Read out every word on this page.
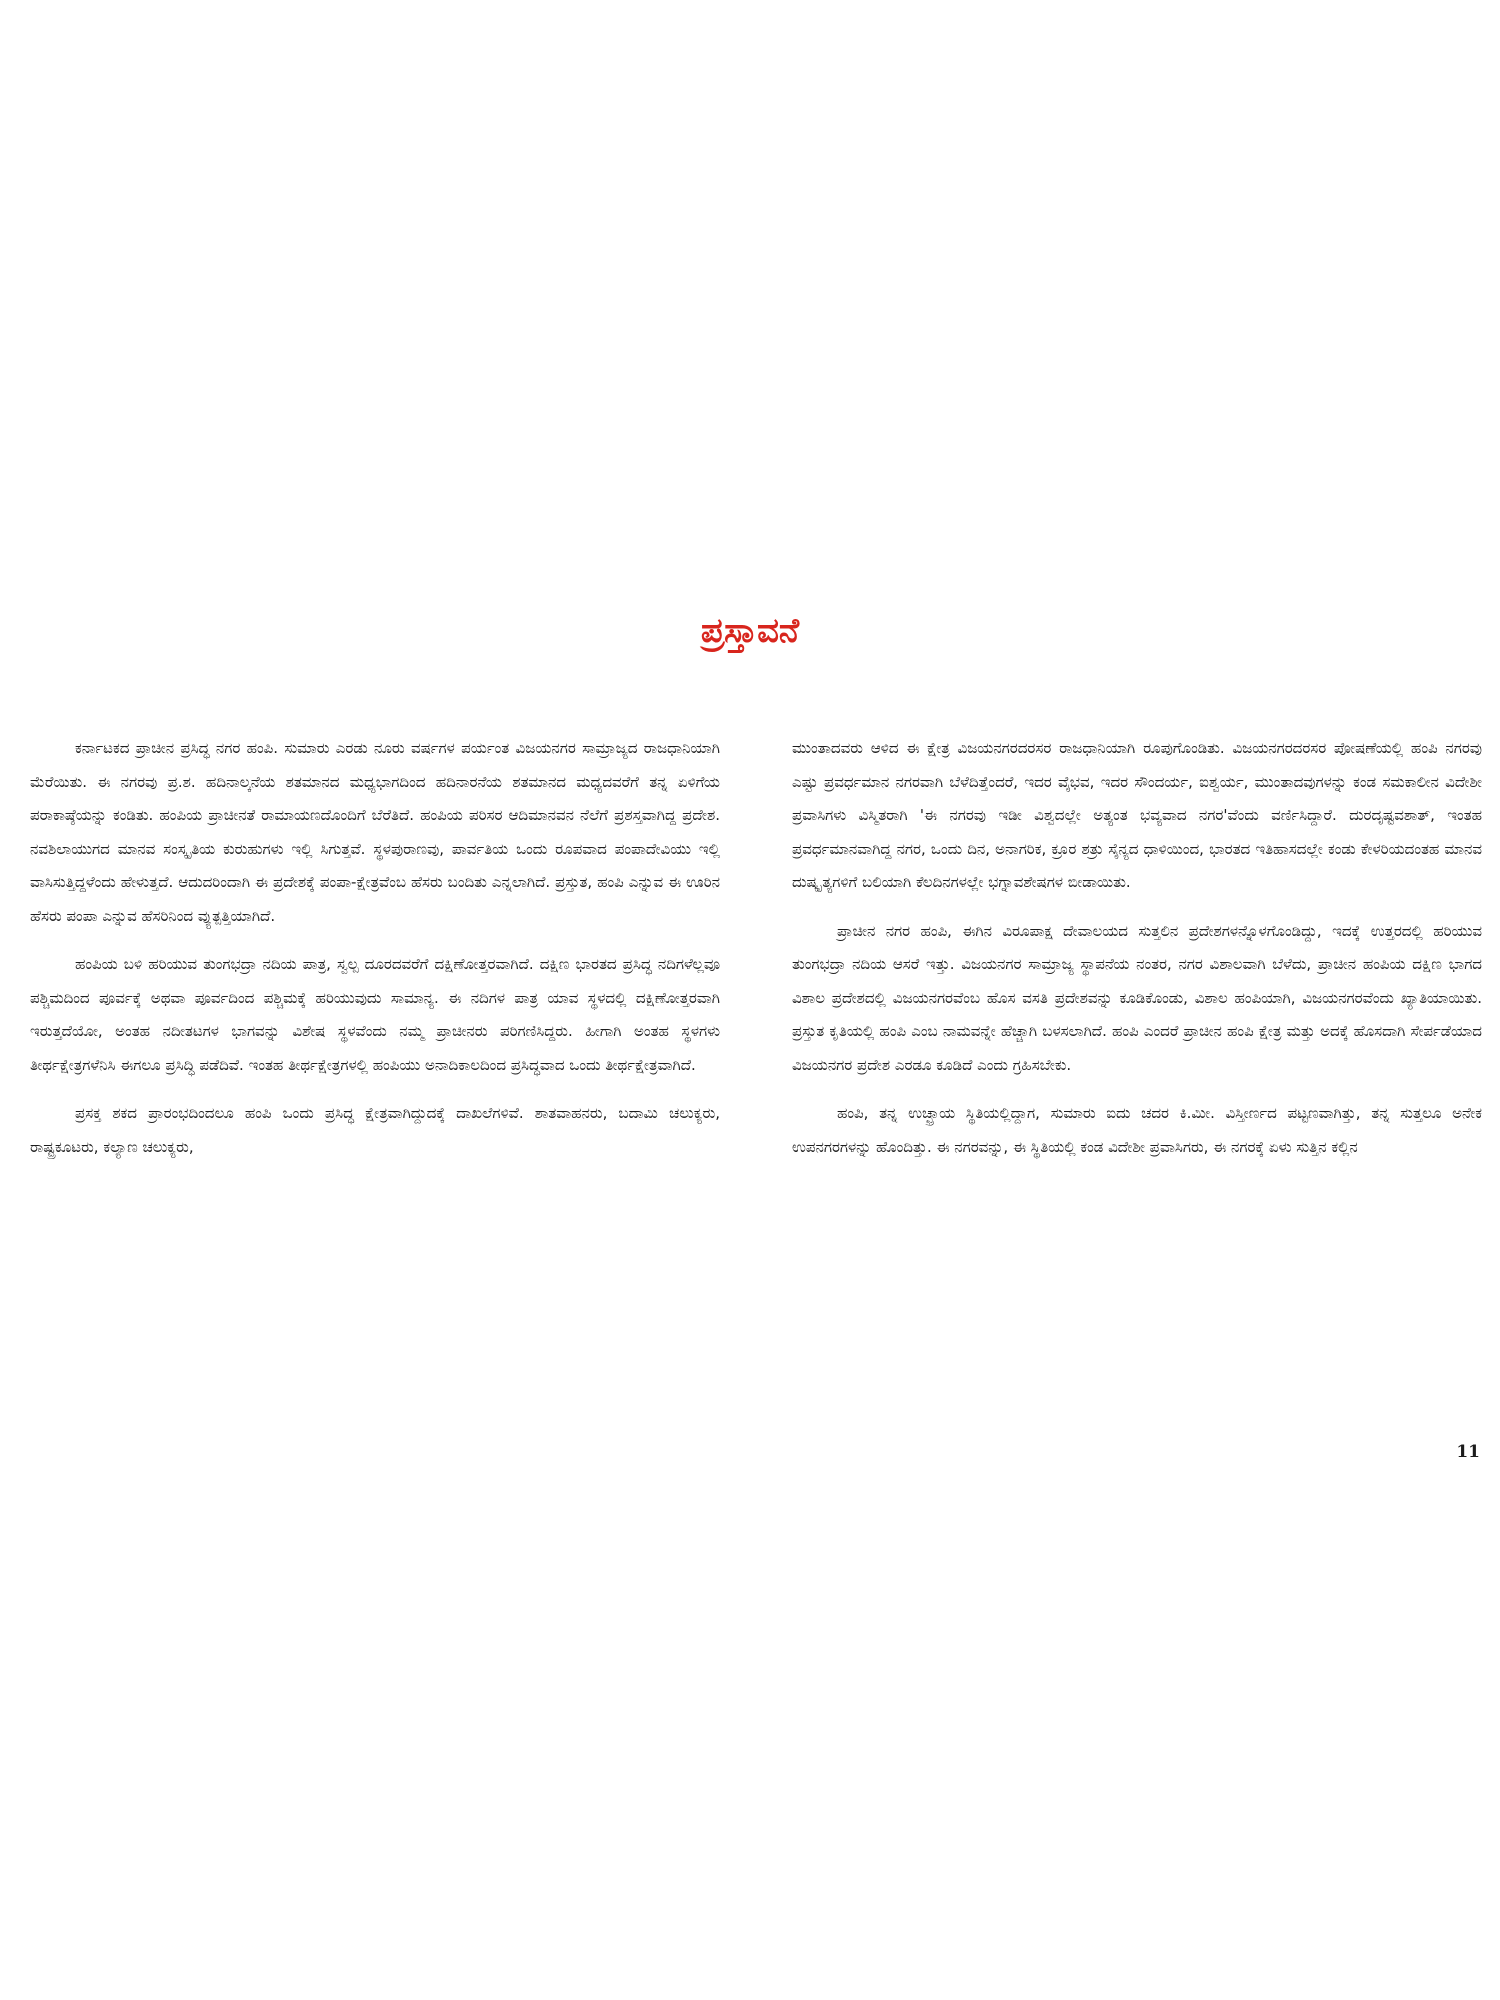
ಪ್ರಸ್ತಾವನೆ

ಕರ್ನಾಟಕದ ಪ್ರಾಚೀನ ಪ್ರಸಿದ್ಧ ನಗರ ಹಂಪಿ. ಸುಮಾರು ಎರಡು ನೂರು ವರ್ಷಗಳ ಪರ್ಯಂತ ವಿಜಯನಗರ ಸಾಮ್ರಾಜ್ಯದ ರಾಜಧಾನಿಯಾಗಿ ಮೆರೆಯಿತು. ಈ ನಗರವು ಪ್ರ.ಶ. ಹದಿನಾಲ್ಕನೆಯ ಶತಮಾನದ ಮಧ್ಯಭಾಗದಿಂದ ಹದಿನಾರನೆಯ ಶತಮಾನದ ಮಧ್ಯದವರೆಗೆ ತನ್ನ ಏಳಿಗೆಯ ಪರಾಕಾಷ್ಠೆಯನ್ನು ಕಂಡಿತು. ಹಂಪಿಯ ಪ್ರಾಚೀನತೆ ರಾಮಾಯಣದೊಂದಿಗೆ ಬೆರೆತಿದೆ. ಹಂಪಿಯ ಪರಿಸರ ಆದಿಮಾನವನ ನೆಲೆಗೆ ಪ್ರಶಸ್ತವಾಗಿದ್ದ ಪ್ರದೇಶ. ನವಶಿಲಾಯುಗದ ಮಾನವ ಸಂಸ್ಕೃತಿಯ ಕುರುಹುಗಳು ಇಲ್ಲಿ ಸಿಗುತ್ತವೆ. ಸ್ಥಳಪುರಾಣವು, ಪಾರ್ವತಿಯ ಒಂದು ರೂಪವಾದ ಪಂಪಾದೇವಿಯು ಇಲ್ಲಿ ವಾಸಿಸುತ್ತಿದ್ದಳೆಂದು ಹೇಳುತ್ತದೆ. ಆದುದರಿಂದಾಗಿ ಈ ಪ್ರದೇಶಕ್ಕೆ ಪಂಪಾ-ಕ್ಷೇತ್ರವೆಂಬ ಹೆಸರು ಬಂದಿತು ಎನ್ನಲಾಗಿದೆ. ಪ್ರಸ್ತುತ, ಹಂಪಿ ಎನ್ನುವ ಈ ಊರಿನ ಹೆಸರು ಪಂಪಾ ಎನ್ನುವ ಹೆಸರಿನಿಂದ ವ್ಯುತ್ಪತ್ತಿಯಾಗಿದೆ.

ಹಂಪಿಯ ಬಳಿ ಹರಿಯುವ ತುಂಗಭದ್ರಾ ನದಿಯ ಪಾತ್ರ, ಸ್ವಲ್ಪ ದೂರದವರೆಗೆ ದಕ್ಷಿಣೋತ್ತರವಾಗಿದೆ. ದಕ್ಷಿಣ ಭಾರತದ ಪ್ರಸಿದ್ಧ ನದಿಗಳೆಲ್ಲವೂ ಪಶ್ಚಿಮದಿಂದ ಪೂರ್ವಕ್ಕೆ ಅಥವಾ ಪೂರ್ವದಿಂದ ಪಶ್ಚಿಮಕ್ಕೆ ಹರಿಯುವುದು ಸಾಮಾನ್ಯ. ಈ ನದಿಗಳ ಪಾತ್ರ ಯಾವ ಸ್ಥಳದಲ್ಲಿ ದಕ್ಷಿಣೋತ್ತರವಾಗಿ ಇರುತ್ತದೆಯೋ, ಅಂತಹ ನದೀತಟಗಳ ಭಾಗವನ್ನು ವಿಶೇಷ ಸ್ಥಳವೆಂದು ನಮ್ಮ ಪ್ರಾಚೀನರು ಪರಿಗಣಿಸಿದ್ದರು. ಹೀಗಾಗಿ ಅಂತಹ ಸ್ಥಳಗಳು ತೀರ್ಥಕ್ಷೇತ್ರಗಳೆನಿಸಿ ಈಗಲೂ ಪ್ರಸಿದ್ಧಿ ಪಡೆದಿವೆ. ಇಂತಹ ತೀರ್ಥಕ್ಷೇತ್ರಗಳಲ್ಲಿ ಹಂಪಿಯು ಅನಾದಿಕಾಲದಿಂದ ಪ್ರಸಿದ್ಧವಾದ ಒಂದು ತೀರ್ಥಕ್ಷೇತ್ರವಾಗಿದೆ.

ಪ್ರಸಕ್ತ ಶಕದ ಪ್ರಾರಂಭದಿಂದಲೂ ಹಂಪಿ ಒಂದು ಪ್ರಸಿದ್ಧ ಕ್ಷೇತ್ರವಾಗಿದ್ದುದಕ್ಕೆ ದಾಖಲೆಗಳಿವೆ. ಶಾತವಾಹನರು, ಬದಾಮಿ ಚಲುಕ್ಯರು, ರಾಷ್ಟ್ರಕೂಟರು, ಕಲ್ಯಾಣ ಚಲುಕ್ಯರು,

ಮುಂತಾದವರು ಆಳಿದ ಈ ಕ್ಷೇತ್ರ ವಿಜಯನಗರದರಸರ ರಾಜಧಾನಿಯಾಗಿ ರೂಪುಗೊಂಡಿತು. ವಿಜಯನಗರದರಸರ ಪೋಷಣೆಯಲ್ಲಿ ಹಂಪಿ ನಗರವು ಎಷ್ಟು ಪ್ರವರ್ಧಮಾನ ನಗರವಾಗಿ ಬೆಳೆದಿತ್ತೆಂದರೆ, ಇದರ ವೈಭವ, ಇದರ ಸೌಂದರ್ಯ, ಐಶ್ವರ್ಯ, ಮುಂತಾದವುಗಳನ್ನು ಕಂಡ ಸಮಕಾಲೀನ ವಿದೇಶೀ ಪ್ರವಾಸಿಗಳು ವಿಸ್ಮಿತರಾಗಿ 'ಈ ನಗರವು ಇಡೀ ವಿಶ್ವದಲ್ಲೇ ಅತ್ಯಂತ ಭವ್ಯವಾದ ನಗರ'ವೆಂದು ವರ್ಣಿಸಿದ್ದಾರೆ. ದುರದೃಷ್ಟವಶಾತ್, ಇಂತಹ ಪ್ರವರ್ಧಮಾನವಾಗಿದ್ದ ನಗರ, ಒಂದು ದಿನ, ಅನಾಗರಿಕ, ಕ್ರೂರ ಶತ್ರು ಸೈನ್ಯದ ಧಾಳಿಯಿಂದ, ಭಾರತದ ಇತಿಹಾಸದಲ್ಲೇ ಕಂಡು ಕೇಳರಿಯದಂತಹ ಮಾನವ ದುಷ್ಕೃತ್ಯಗಳಿಗೆ ಬಲಿಯಾಗಿ ಕೆಲದಿನಗಳಲ್ಲೇ ಭಗ್ನಾವಶೇಷಗಳ ಬೀಡಾಯಿತು.

ಪ್ರಾಚೀನ ನಗರ ಹಂಪಿ, ಈಗಿನ ವಿರೂಪಾಕ್ಷ ದೇವಾಲಯದ ಸುತ್ತಲಿನ ಪ್ರದೇಶಗಳನ್ನೊಳಗೊಂಡಿದ್ದು, ಇದಕ್ಕೆ ಉತ್ತರದಲ್ಲಿ ಹರಿಯುವ ತುಂಗಭದ್ರಾ ನದಿಯ ಆಸರೆ ಇತ್ತು. ವಿಜಯನಗರ ಸಾಮ್ರಾಜ್ಯ ಸ್ಥಾಪನೆಯ ನಂತರ, ನಗರ ವಿಶಾಲವಾಗಿ ಬೆಳೆದು, ಪ್ರಾಚೀನ ಹಂಪಿಯ ದಕ್ಷಿಣ ಭಾಗದ ವಿಶಾಲ ಪ್ರದೇಶದಲ್ಲಿ ವಿಜಯನಗರವೆಂಬ ಹೊಸ ವಸತಿ ಪ್ರದೇಶವನ್ನು ಕೂಡಿಕೊಂಡು, ವಿಶಾಲ ಹಂಪಿಯಾಗಿ, ವಿಜಯನಗರವೆಂದು ಖ್ಯಾತಿಯಾಯಿತು. ಪ್ರಸ್ತುತ ಕೃತಿಯಲ್ಲಿ ಹಂಪಿ ಎಂಬ ನಾಮವನ್ನೇ ಹೆಚ್ಚಾಗಿ ಬಳಸಲಾಗಿದೆ. ಹಂಪಿ ಎಂದರೆ ಪ್ರಾಚೀನ ಹಂಪಿ ಕ್ಷೇತ್ರ ಮತ್ತು ಅದಕ್ಕೆ ಹೊಸದಾಗಿ ಸೇರ್ಪಡೆಯಾದ ವಿಜಯನಗರ ಪ್ರದೇಶ ಎರಡೂ ಕೂಡಿದೆ ಎಂದು ಗ್ರಹಿಸಬೇಕು.

ಹಂಪಿ, ತನ್ನ ಉಚ್ಛ್ರಾಯ ಸ್ಥಿತಿಯಲ್ಲಿದ್ದಾಗ, ಸುಮಾರು ಐದು ಚದರ ಕಿ.ಮೀ. ವಿಸ್ತೀರ್ಣದ ಪಟ್ಟಣವಾಗಿತ್ತು, ತನ್ನ ಸುತ್ತಲೂ ಅನೇಕ ಉಪನಗರಗಳನ್ನು ಹೊಂದಿತ್ತು. ಈ ನಗರವನ್ನು, ಈ ಸ್ಥಿತಿಯಲ್ಲಿ ಕಂಡ ವಿದೇಶೀ ಪ್ರವಾಸಿಗರು, ಈ ನಗರಕ್ಕೆ ಏಳು ಸುತ್ತಿನ ಕಲ್ಲಿನ

11
